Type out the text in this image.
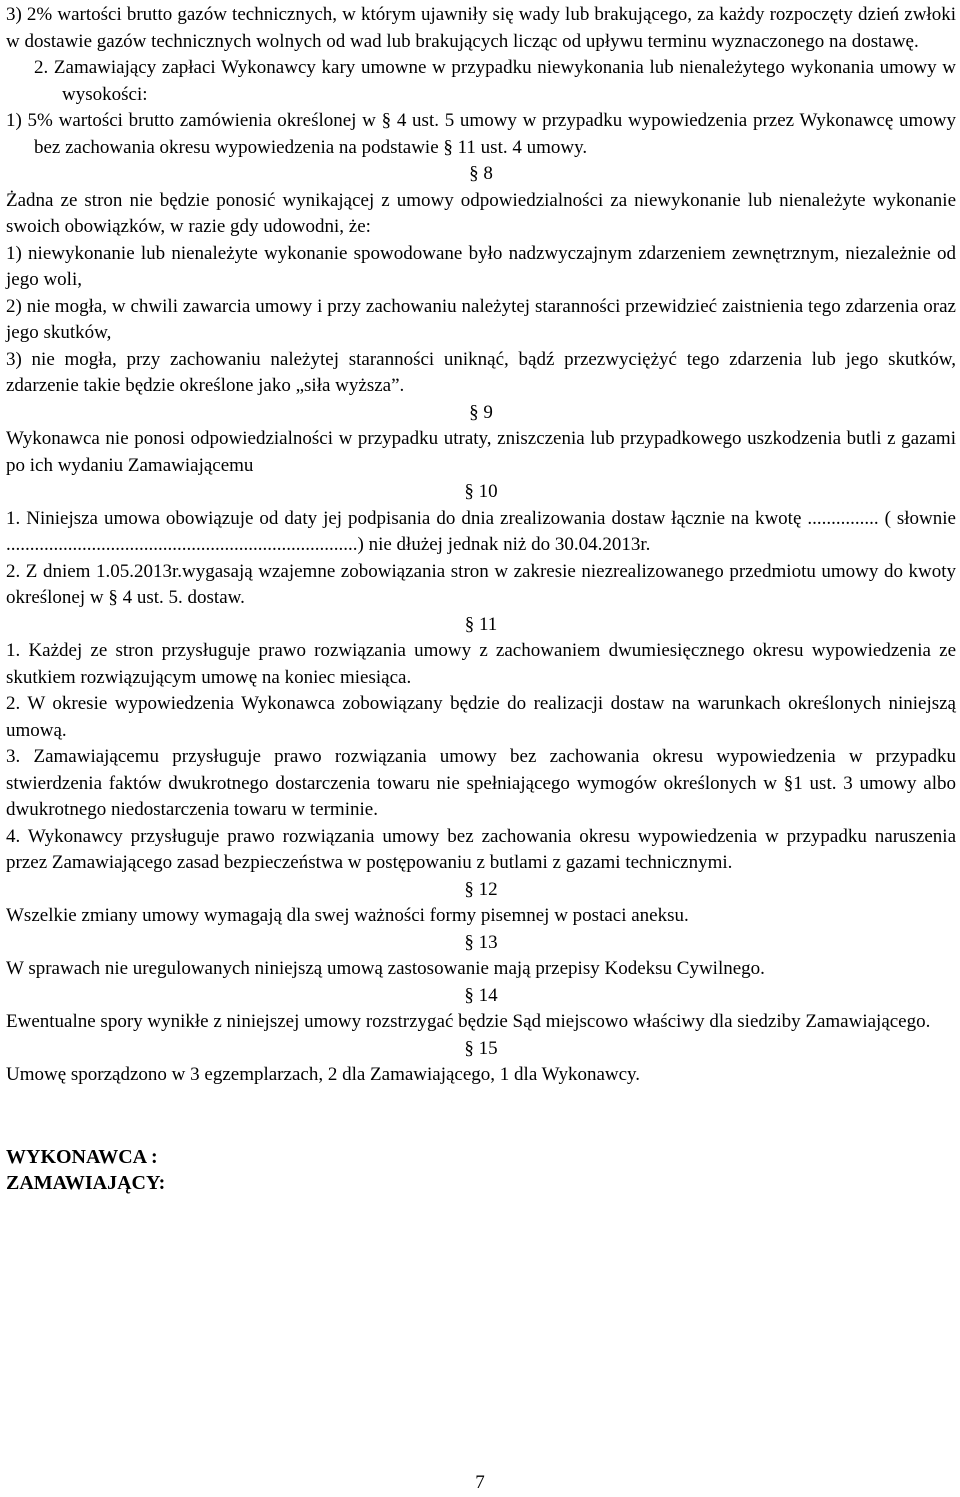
3) 2% wartości brutto gazów technicznych, w którym ujawniły się wady lub brakującego, za każdy rozpoczęty dzień zwłoki w dostawie gazów technicznych wolnych od wad lub brakujących licząc od upływu terminu wyznaczonego na dostawę.

2. Zamawiający zapłaci Wykonawcy kary umowne w przypadku niewykonania lub nienależytego wykonania umowy w wysokości:

1) 5% wartości brutto zamówienia określonej w § 4 ust. 5 umowy w przypadku wypowiedzenia przez Wykonawcę umowy bez zachowania okresu wypowiedzenia na podstawie § 11 ust. 4 umowy.

§ 8

Żadna ze stron nie będzie ponosić wynikającej z umowy odpowiedzialności za niewykonanie lub nienależyte wykonanie swoich obowiązków, w razie gdy udowodni, że:

1) niewykonanie lub nienależyte wykonanie spowodowane było nadzwyczajnym zdarzeniem zewnętrznym, niezależnie od jego woli,

2) nie mogła, w chwili zawarcia umowy i przy zachowaniu należytej staranności przewidzieć zaistnienia tego zdarzenia oraz jego skutków,

3) nie mogła, przy zachowaniu należytej staranności uniknąć, bądź przezwyciężyć tego zdarzenia lub jego skutków, zdarzenie takie będzie określone jako „siła wyższa”.

§ 9

Wykonawca nie ponosi odpowiedzialności w przypadku utraty, zniszczenia lub przypadkowego uszkodzenia butli z gazami po ich wydaniu Zamawiającemu

§ 10

1. Niniejsza umowa obowiązuje od daty jej podpisania do dnia zrealizowania dostaw łącznie na kwotę ............... ( słownie ..........................................................................) nie dłużej jednak niż do 30.04.2013r.

2. Z dniem 1.05.2013r.wygasają wzajemne zobowiązania stron w zakresie niezrealizowanego przedmiotu umowy do kwoty określonej w § 4 ust. 5. dostaw.

§ 11

1. Każdej ze stron przysługuje prawo rozwiązania umowy z zachowaniem dwumiesięcznego okresu wypowiedzenia ze skutkiem rozwiązującym umowę na koniec miesiąca.

2. W okresie wypowiedzenia Wykonawca zobowiązany będzie do realizacji dostaw na warunkach określonych niniejszą umową.

3. Zamawiającemu przysługuje prawo rozwiązania umowy bez zachowania okresu wypowiedzenia w przypadku stwierdzenia faktów dwukrotnego dostarczenia towaru nie spełniającego wymogów określonych w §1 ust. 3 umowy albo dwukrotnego niedostarczenia towaru w terminie.

4. Wykonawcy przysługuje prawo rozwiązania umowy bez zachowania okresu wypowiedzenia w przypadku naruszenia przez Zamawiającego zasad bezpieczeństwa w postępowaniu z butlami z gazami technicznymi.

§ 12

Wszelkie zmiany umowy wymagają dla swej ważności formy pisemnej w postaci aneksu.

§ 13

W sprawach nie uregulowanych niniejszą umową zastosowanie mają przepisy Kodeksu Cywilnego.

§ 14

Ewentualne spory wynikłe z niniejszej umowy rozstrzygać będzie Sąd miejscowo właściwy dla siedziby Zamawiającego.

§ 15

Umowę sporządzono w 3 egzemplarzach, 2 dla Zamawiającego, 1 dla Wykonawcy.

WYKONAWCA :
ZAMAWIAJĄCY:
7
